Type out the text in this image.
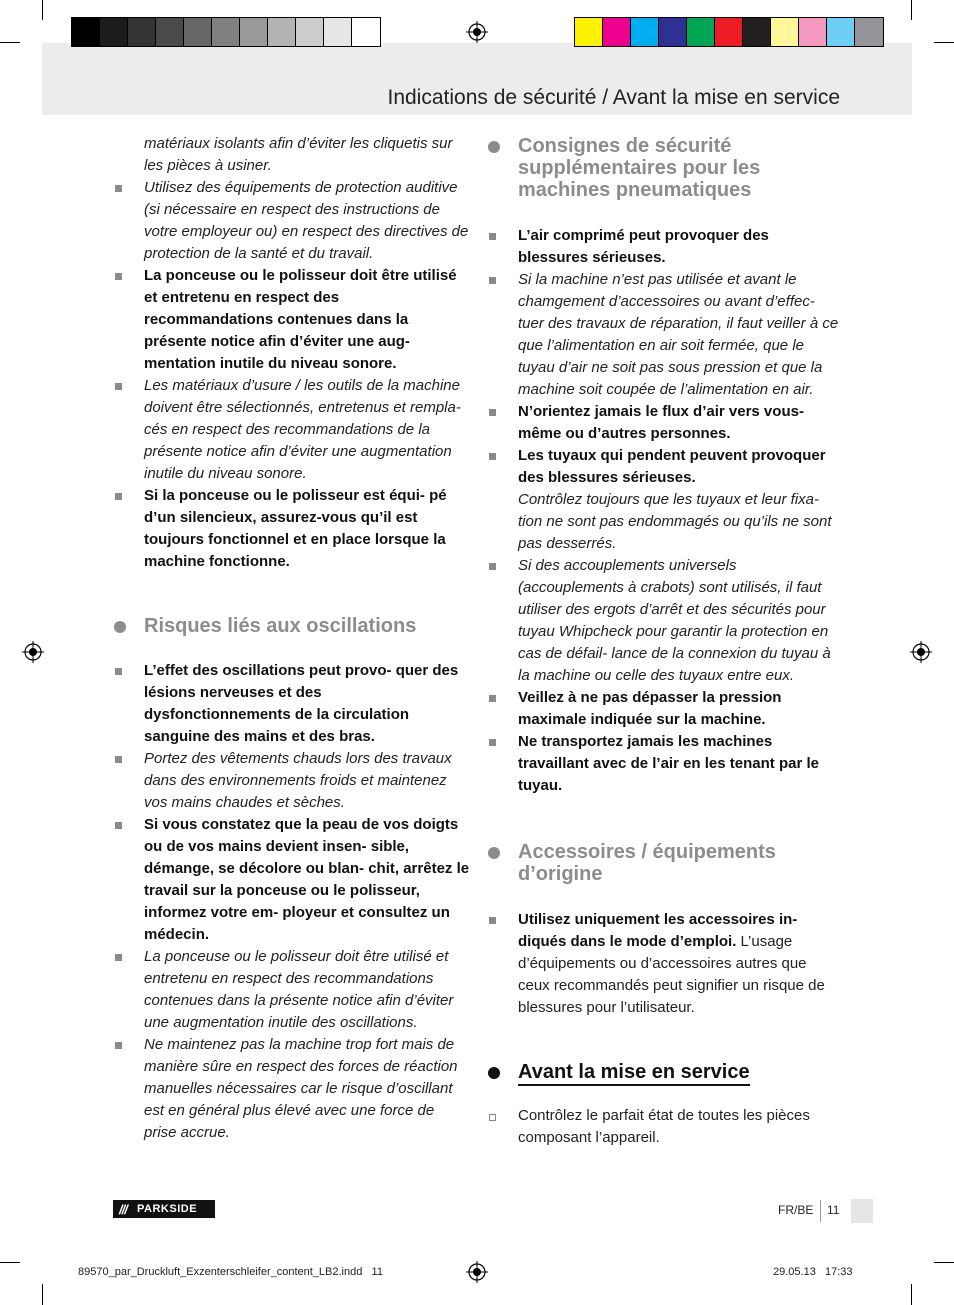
Indications de sécurité / Avant la mise en service
matériaux isolants afin d’éviter les cliquetis sur les pièces à usiner.
Utilisez des équipements de protection auditive (si nécessaire en respect des instructions de votre employeur ou) en respect des directives de protection de la santé et du travail.
La ponceuse ou le polisseur doit être utilisé et entretenu en respect des recommandations contenues dans la présente notice afin d’éviter une aug- mentation inutile du niveau sonore.
Les matériaux d’usure / les outils de la machine doivent être sélectionnés, entretenus et rempla- cés en respect des recommandations de la présente notice afin d’éviter une augmentation inutile du niveau sonore.
Si la ponceuse ou le polisseur est équi- pé d’un silencieux, assurez-vous qu’il est toujours fonctionnel et en place lorsque la machine fonctionne.
Risques liés aux oscillations
L’effet des oscillations peut provo- quer des lésions nerveuses et des dysfonctionnements de la circulation sanguine des mains et des bras.
Portez des vêtements chauds lors des travaux dans des environnements froids et maintenez vos mains chaudes et sèches.
Si vous constatez que la peau de vos doigts ou de vos mains devient insen- sible, démange, se décolore ou blan- chit, arrêtez le travail sur la ponceuse ou le polisseur, informez votre em- ployeur et consultez un médecin.
La ponceuse ou le polisseur doit être utilisé et entretenu en respect des recommandations contenues dans la présente notice afin d’éviter une augmentation inutile des oscillations.
Ne maintenez pas la machine trop fort mais de manière sûre en respect des forces de réaction manuelles nécessaires car le risque d’oscillant est en général plus élevé avec une force de prise accrue.
Consignes de sécurité supplémentaires pour les machines pneumatiques
L’air comprimé peut provoquer des blessures sérieuses.
Si la machine n’est pas utilisée et avant le chamgement d’accessoires ou avant d’effec- tuer des travaux de réparation, il faut veiller à ce que l’alimentation en air soit fermée, que le tuyau d’air ne soit pas sous pression et que la machine soit coupée de l’alimentation en air.
N’orientez jamais le flux d’air vers vous-même ou d’autres personnes.
Les tuyaux qui pendent peuvent provoquer des blessures sérieuses.
Contrôlez toujours que les tuyaux et leur fixa- tion ne sont pas endommagés ou qu’ils ne sont pas desserrés.
Si des accouplements universels (accouplements à crabots) sont utilisés, il faut utiliser des ergots d’arrêt et des sécurités pour tuyau Whipcheck pour garantir la protection en cas de défail- lance de la connexion du tuyau à la machine ou celle des tuyaux entre eux.
Veillez à ne pas dépasser la pression maximale indiquée sur la machine.
Ne transportez jamais les machines travaillant avec de l’air en les tenant par le tuyau.
Accessoires / équipements d’origine
Utilisez uniquement les accessoires in- diqués dans le mode d’emploi. L’usage d’équipements ou d’accessoires autres que ceux recommandés peut signifier un risque de blessures pour l’utilisateur.
Avant la mise en service
Contrôlez le parfait état de toutes les pièces composant l’appareil.
/// PARKSIDE	FR/BE 11
89570_par_Druckluft_Exzenterschleifer_content_LB2.indd   11	29.05.13   17:33
